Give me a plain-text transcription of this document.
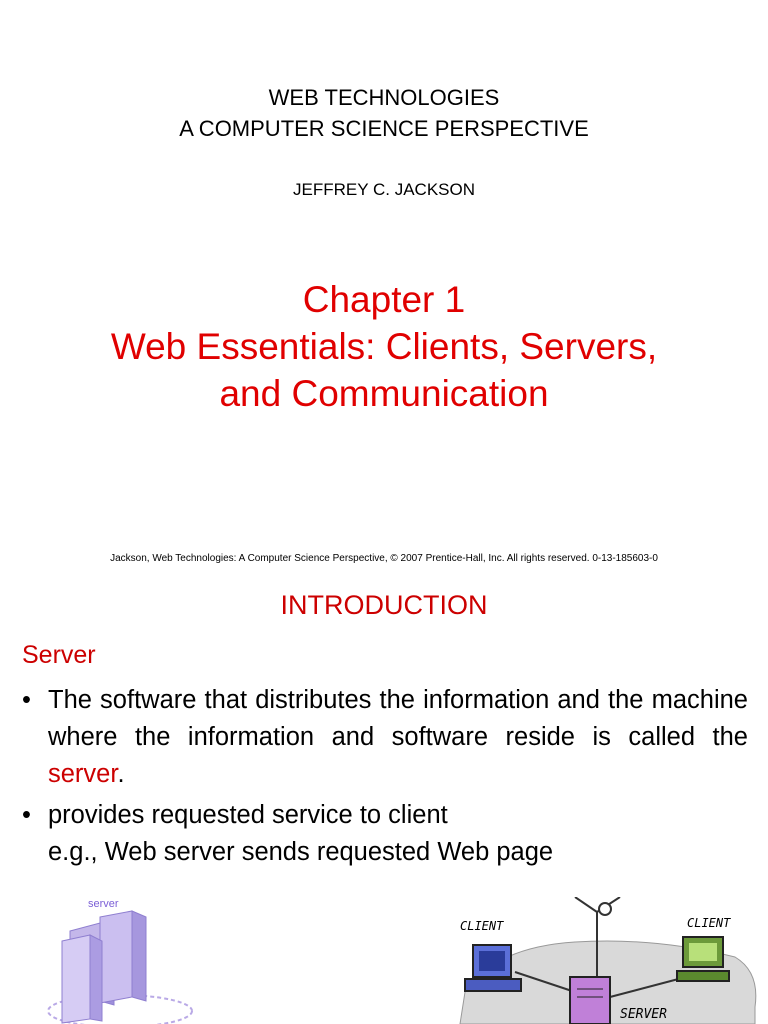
WEB TECHNOLOGIES
A COMPUTER SCIENCE PERSPECTIVE
JEFFREY C. JACKSON
Chapter 1
Web Essentials: Clients, Servers,
and Communication
Jackson, Web Technologies: A Computer Science Perspective, © 2007 Prentice-Hall, Inc. All rights reserved. 0-13-185603-0
INTRODUCTION
Server
• The software that distributes the information and the machine where the information and software reside is called the server.
• provides requested service to client
e.g., Web server sends requested Web page
server
CLIENT	CLIENT
SERVER
